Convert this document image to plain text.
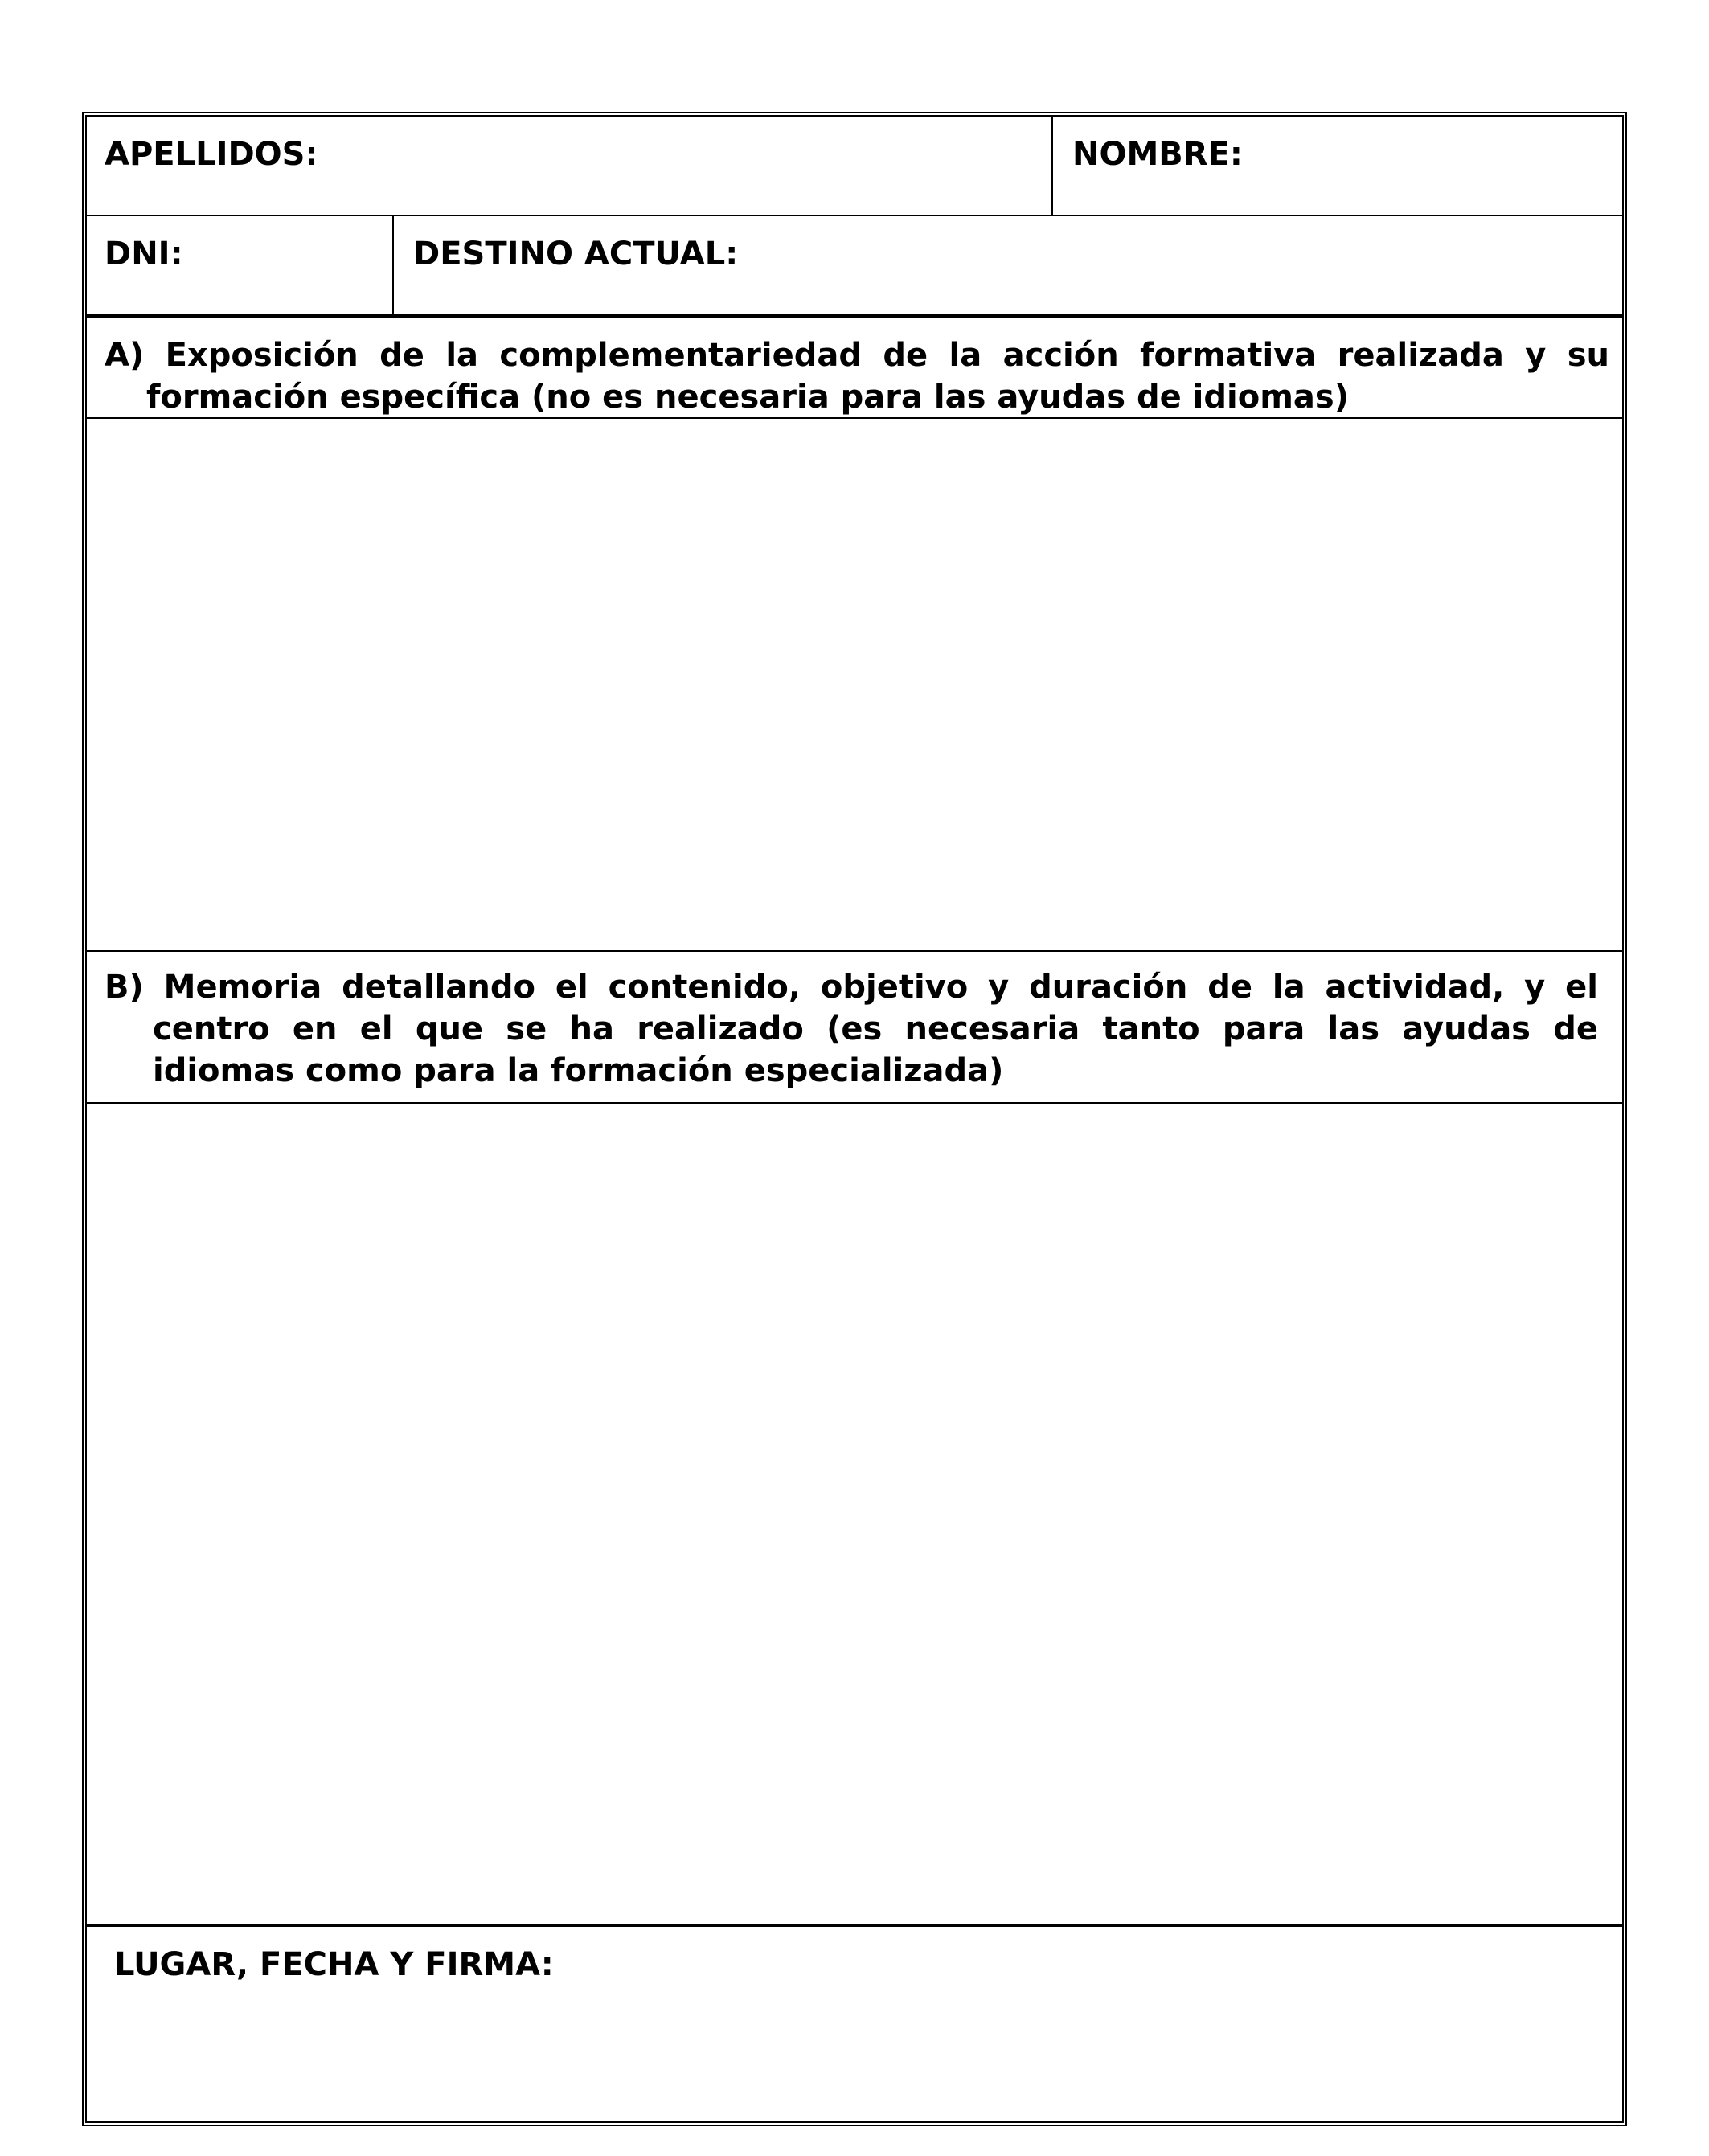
APELLIDOS:	NOMBRE:
DNI:	DESTINO ACTUAL:
A) Exposición de la complementariedad de la acción formativa realizada y su
formación específica (no es necesaria para las ayudas de idiomas)
B) Memoria detallando el contenido, objetivo y duración de la actividad, y el
centro en el que se ha realizado (es necesaria tanto para las ayudas de
idiomas como para la formación especializada)
LUGAR, FECHA Y FIRMA:
